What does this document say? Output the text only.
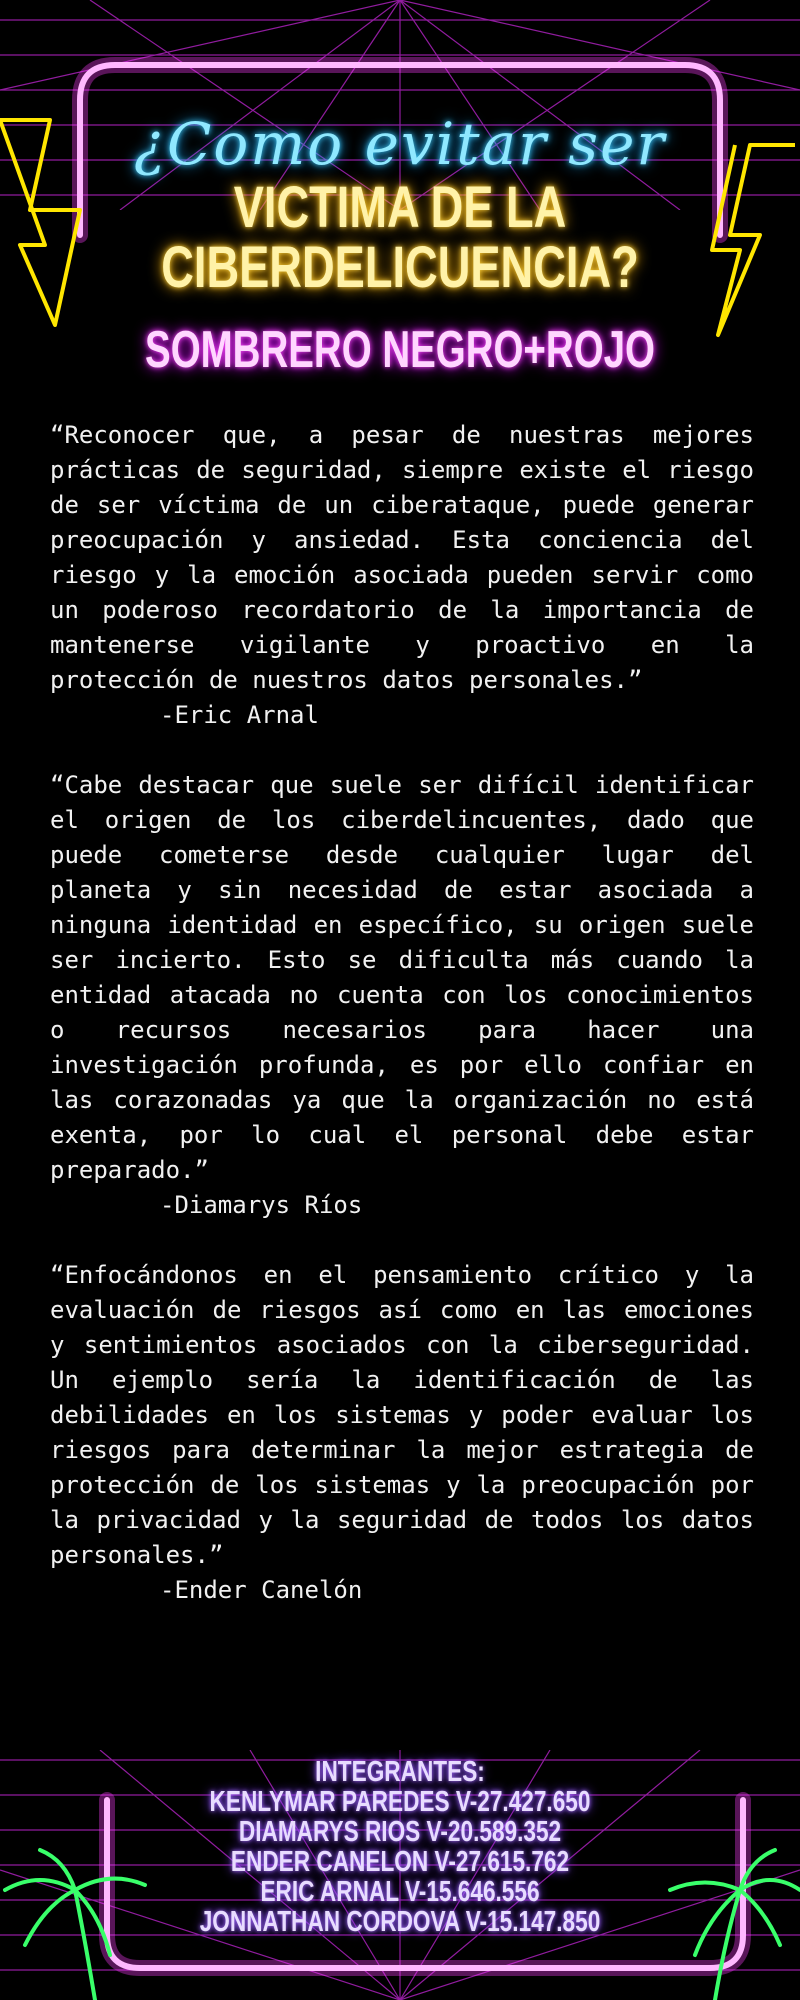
¿Como evitar ser
VICTIMA DE LA
CIBERDELICUENCIA?
SOMBRERO NEGRO+ROJO

“Reconocer que, a pesar de nuestras mejores prácticas de seguridad, siempre existe el riesgo de ser víctima de un ciberataque, puede generar preocupación y ansiedad. Esta conciencia del riesgo y la emoción asociada pueden servir como un poderoso recordatorio de la importancia de mantenerse vigilante y proactivo en la protección de nuestros datos personales.”

-Eric Arnal

“Cabe destacar que suele ser difícil identificar el origen de los ciberdelincuentes, dado que puede cometerse desde cualquier lugar del planeta y sin necesidad de estar asociada a ninguna identidad en específico, su origen suele ser incierto. Esto se dificulta más cuando la entidad atacada no cuenta con los conocimientos o recursos necesarios para hacer una investigación profunda, es por ello confiar en las corazonadas ya que la organización no está exenta, por lo cual el personal debe estar preparado.”

-Diamarys Ríos

“Enfocándonos en el pensamiento crítico y la evaluación de riesgos así como en las emociones y sentimientos asociados con la ciberseguridad. Un ejemplo sería la identificación de las debilidades en los sistemas y poder evaluar los riesgos para determinar la mejor estrategia de protección de los sistemas y la preocupación por la privacidad y la seguridad de todos los datos personales.”

-Ender Canelón

INTEGRANTES:
KENLYMAR PAREDES V-27.427.650
DIAMARYS RIOS V-20.589.352
ENDER CANELON V-27.615.762
ERIC ARNAL V-15.646.556
JONNATHAN CORDOVA V-15.147.850
